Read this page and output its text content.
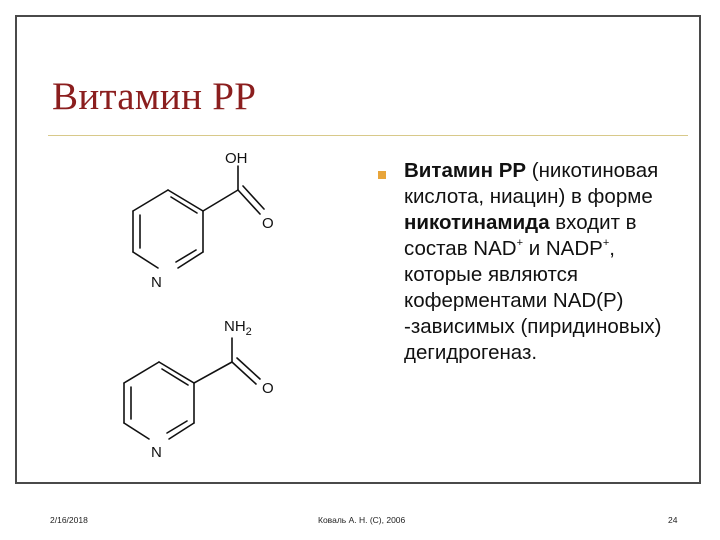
Витамин РР
OH
O
N
$NH_2$
O
N
Витамин РР (никотиновая кислота, ниацин) в форме никотинамида входит в состав NAD+ и NADP+, которые являются коферментами NAD(P) -зависимых (пиридиновых) дегидрогеназ.
2/16/2018	Коваль А. Н. (C), 2006	24
